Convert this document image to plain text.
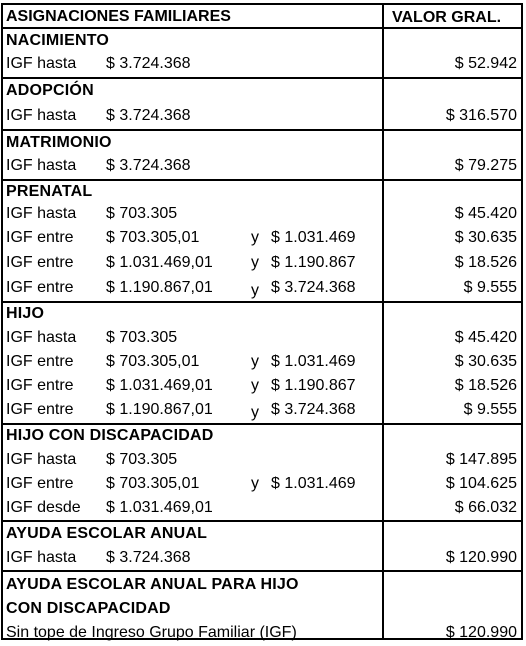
ASIGNACIONES FAMILIARES	VALOR GRAL.
NACIMIENTO
IGF hasta $ 3.724.368	$ 52.942
ADOPCIÓN
IGF hasta $ 3.724.368	$ 316.570
MATRIMONIO
IGF hasta $ 3.724.368	$ 79.275
PRENATAL
IGF hasta $ 703.305	$ 45.420
IGF entre $ 703.305,01	y $ 1.031.469	$ 30.635
IGF entre $ 1.031.469,01 y $ 1.190.867	$ 18.526
IGF entre $ 1.190.867,01 y $ 3.724.368	$ 9.555
HIJO
IGF hasta $ 703.305	$ 45.420
IGF entre $ 703.305,01	y $ 1.031.469	$ 30.635
IGF entre $ 1.031.469,01 y $ 1.190.867	$ 18.526
IGF entre $ 1.190.867,01 y $ 3.724.368	$ 9.555
HIJO CON DISCAPACIDAD
IGF hasta $ 703.305	$ 147.895
IGF entre $ 703.305,01	y $ 1.031.469	$ 104.625
IGF desde $ 1.031.469,01	$ 66.032
AYUDA ESCOLAR ANUAL
IGF hasta $ 3.724.368	$ 120.990
AYUDA ESCOLAR ANUAL PARA HIJO
CON DISCAPACIDAD
Sin tope de Ingreso Grupo Familiar (IGF)	$ 120.990
